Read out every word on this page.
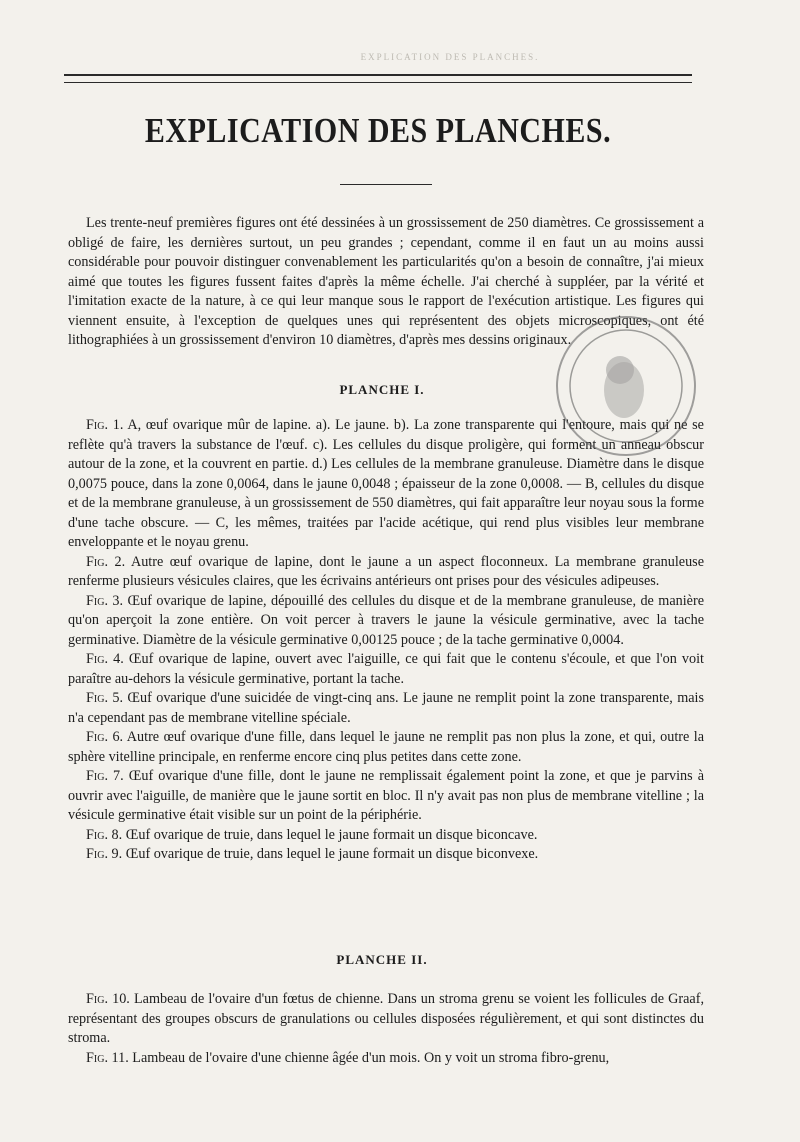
EXPLICATION DES PLANCHES.
EXPLICATION DES PLANCHES.

Les trente-neuf premières figures ont été dessinées à un grossissement de 250 diamètres. Ce grossissement a obligé de faire, les dernières surtout, un peu grandes ; cependant, comme il en faut un au moins aussi considérable pour pouvoir distinguer convenablement les particularités qu'on a besoin de connaître, j'ai mieux aimé que toutes les figures fussent faites d'après la même échelle. J'ai cherché à suppléer, par la vérité et l'imitation exacte de la nature, à ce qui leur manque sous le rapport de l'exécution artistique. Les figures qui viennent ensuite, à l'exception de quelques unes qui représentent des objets microscopiques, ont été lithographiées à un grossissement d'environ 10 diamètres, d'après mes dessins originaux.

PLANCHE I.

Fig. 1. A, œuf ovarique mûr de lapine. a). Le jaune. b). La zone transparente qui l'entoure, mais qui ne se reflète qu'à travers la substance de l'œuf. c). Les cellules du disque proligère, qui forment un anneau obscur autour de la zone, et la couvrent en partie. d.) Les cellules de la membrane granuleuse. Diamètre dans le disque 0,0075 pouce, dans la zone 0,0064, dans le jaune 0,0048 ; épaisseur de la zone 0,0008. — B, cellules du disque et de la membrane granuleuse, à un grossissement de 550 diamètres, qui fait apparaître leur noyau sous la forme d'une tache obscure. — C, les mêmes, traitées par l'acide acétique, qui rend plus visibles leur membrane enveloppante et le noyau grenu.

Fig. 2. Autre œuf ovarique de lapine, dont le jaune a un aspect floconneux. La membrane granuleuse renferme plusieurs vésicules claires, que les écrivains antérieurs ont prises pour des vésicules adipeuses.

Fig. 3. Œuf ovarique de lapine, dépouillé des cellules du disque et de la membrane granuleuse, de manière qu'on aperçoit la zone entière. On voit percer à travers le jaune la vésicule germinative, avec la tache germinative. Diamètre de la vésicule germinative 0,00125 pouce ; de la tache germinative 0,0004.

Fig. 4. Œuf ovarique de lapine, ouvert avec l'aiguille, ce qui fait que le contenu s'écoule, et que l'on voit paraître au-dehors la vésicule germinative, portant la tache.

Fig. 5. Œuf ovarique d'une suicidée de vingt-cinq ans. Le jaune ne remplit point la zone transparente, mais n'a cependant pas de membrane vitelline spéciale.

Fig. 6. Autre œuf ovarique d'une fille, dans lequel le jaune ne remplit pas non plus la zone, et qui, outre la sphère vitelline principale, en renferme encore cinq plus petites dans cette zone.

Fig. 7. Œuf ovarique d'une fille, dont le jaune ne remplissait également point la zone, et que je parvins à ouvrir avec l'aiguille, de manière que le jaune sortit en bloc. Il n'y avait pas non plus de membrane vitelline ; la vésicule germinative était visible sur un point de la périphérie.

Fig. 8. Œuf ovarique de truie, dans lequel le jaune formait un disque biconcave.

Fig. 9. Œuf ovarique de truie, dans lequel le jaune formait un disque biconvexe.

PLANCHE II.

Fig. 10. Lambeau de l'ovaire d'un fœtus de chienne. Dans un stroma grenu se voient les follicules de Graaf, représentant des groupes obscurs de granulations ou cellules disposées régulièrement, et qui sont distinctes du stroma.

Fig. 11. Lambeau de l'ovaire d'une chienne âgée d'un mois. On y voit un stroma fibro-grenu,
